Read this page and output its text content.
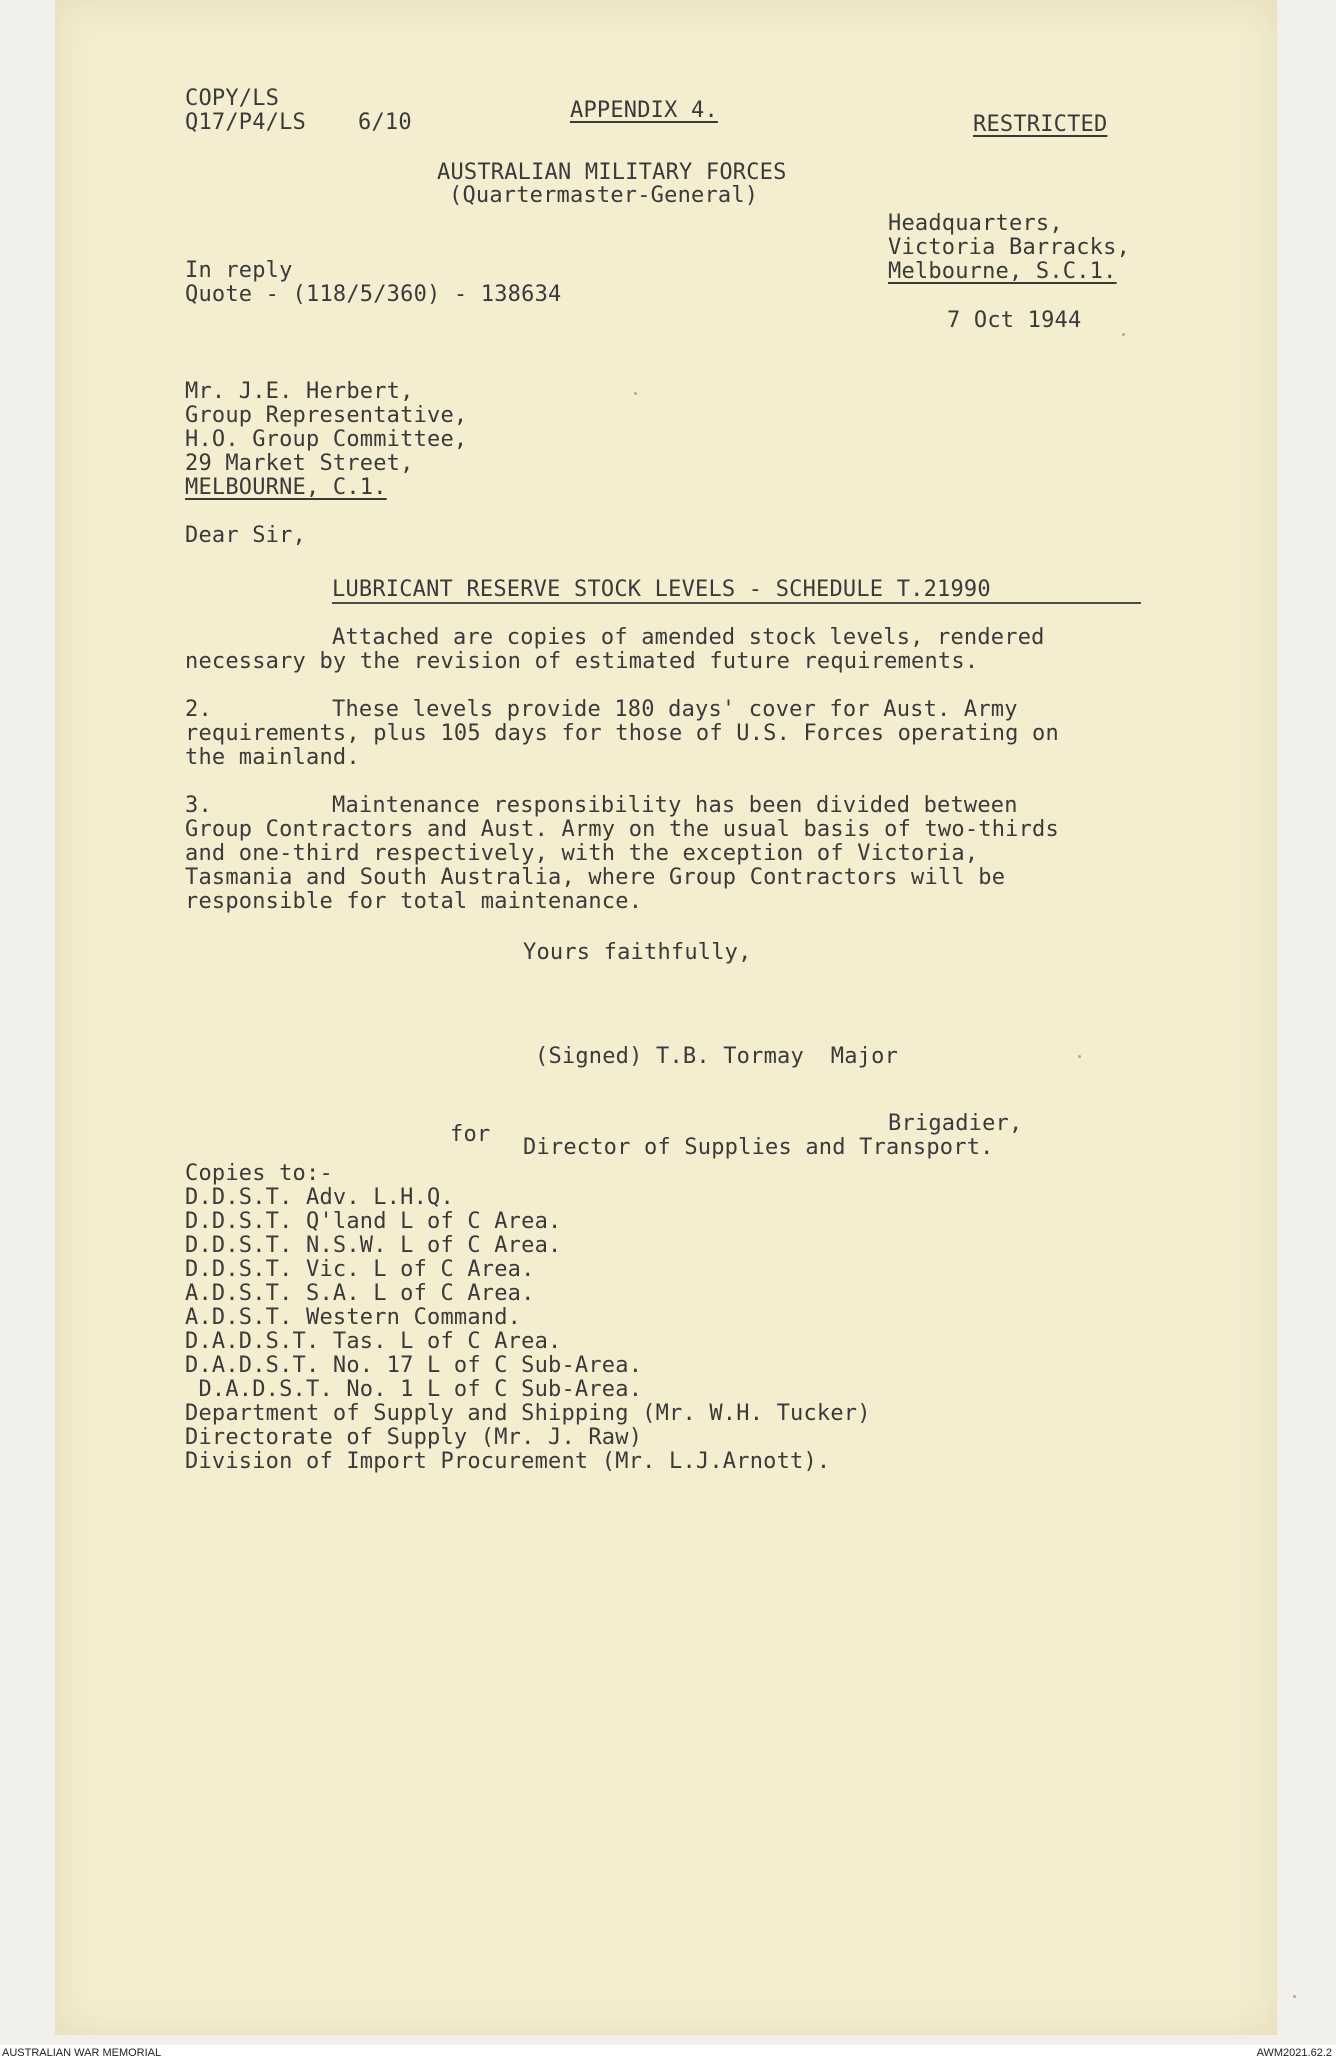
COPY/LS
Q17/P4/LS 6/10	APPENDIX 4.
RESTRICTED
AUSTRALIAN MILITARY FORCES
(Quartermaster-General)
Headquarters,
Victoria Barracks,
Melbourne, S.C.1.
In reply
Quote - (118/5/360) - 138634
7 Oct 1944
Mr. J.E. Herbert,
Group Representative,
H.O. Group Committee,
29 Market Street,
MELBOURNE, C.1.
Dear Sir,
LUBRICANT RESERVE STOCK LEVELS - SCHEDULE T.21990
Attached are copies of amended stock levels, rendered
necessary by the revision of estimated future requirements.
2.	These levels provide 180 days' cover for Aust. Army
requirements, plus 105 days for those of U.S. Forces operating on
the mainland.
3.	Maintenance responsibility has been divided between
Group Contractors and Aust. Army on the usual basis of two-thirds
and one-third respectively, with the exception of Victoria,
Tasmania and South Australia, where Group Contractors will be
responsible for total maintenance.
Yours faithfully,
(Signed) T.B. Tormay  Major
for	Brigadier,
Director of Supplies and Transport.
Copies to:-
D.D.S.T. Adv. L.H.Q.
D.D.S.T. Q'land L of C Area.
D.D.S.T. N.S.W. L of C Area.
D.D.S.T. Vic. L of C Area.
A.D.S.T. S.A. L of C Area.
A.D.S.T. Western Command.
D.A.D.S.T. Tas. L of C Area.
D.A.D.S.T. No. 17 L of C Sub-Area.
D.A.D.S.T. No. 1 L of C Sub-Area.
Department of Supply and Shipping (Mr. W.H. Tucker)
Directorate of Supply (Mr. J. Raw)
Division of Import Procurement (Mr. L.J.Arnott).
AUSTRALIAN WAR MEMORIAL	AWM2021.62.2
